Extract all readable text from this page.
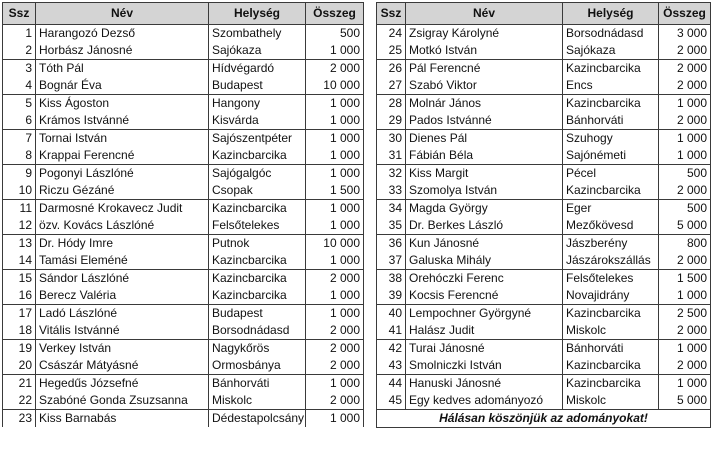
Ssz	Név	Helység	Összeg
1	Harangozó Dezső	Szombathely	500
2	Horbász Jánosné	Sajókaza	1 000
3	Tóth Pál	Hídvégardó	2 000
4	Bognár Éva	Budapest	10 000
5	Kiss Ágoston	Hangony	1 000
6	Krámos Istvánné	Kisvárda	1 000
7	Tornai István	Sajószentpéter	1 000
8	Krappai Ferencné	Kazincbarcika	1 000
9	Pogonyi Lászlóné	Sajógalgóc	1 000
10	Riczu Gézáné	Csopak	1 500
11	Darmosné Krokavecz Judit	Kazincbarcika	1 000
12	özv. Kovács Lászlóné	Felsőtelekes	1 000
13	Dr. Hódy Imre	Putnok	10 000
14	Tamási Eleméné	Kazincbarcika	1 000
15	Sándor Lászlóné	Kazincbarcika	2 000
16	Berecz Valéria	Kazincbarcika	1 000
17	Ladó Lászlóné	Budapest	1 000
18	Vitális Istvánné	Borsodnádasd	2 000
19	Verkey István	Nagykőrös	2 000
20	Császár Mátyásné	Ormosbánya	2 000
21	Hegedűs Józsefné	Bánhorváti	1 000
22	Szabóné Gonda Zsuzsanna	Miskolc	2 000
23	Kiss Barnabás	Dédestapolcsány	1 000
Ssz	Név	Helység	Összeg
24	Zsigray Károlyné	Borsodnádasd	3 000
25	Motkó István	Sajókaza	2 000
26	Pál Ferencné	Kazincbarcika	2 000
27	Szabó Viktor	Encs	2 000
28	Molnár János	Kazincbarcika	1 000
29	Pados Istvánné	Bánhorváti	2 000
30	Dienes Pál	Szuhogy	1 000
31	Fábián Béla	Sajónémeti	1 000
32	Kiss Margit	Pécel	500
33	Szomolya István	Kazincbarcika	2 000
34	Magda György	Eger	500
35	Dr. Berkes László	Mezőkövesd	5 000
36	Kun Jánosné	Jászberény	800
37	Galuska Mihály	Jászárokszállás	2 000
38	Orehóczki Ferenc	Felsőtelekes	1 500
39	Kocsis Ferencné	Novajidrány	1 000
40	Lempochner Györgyné	Kazincbarcika	2 500
41	Halász Judit	Miskolc	2 000
42	Turai Jánosné	Bánhorváti	1 000
43	Smolniczki István	Kazincbarcika	2 000
44	Hanuski Jánosné	Kazincbarcika	1 000
45	Egy kedves adományozó	Miskolc	5 000
Hálásan köszönjük az adományokat!			
